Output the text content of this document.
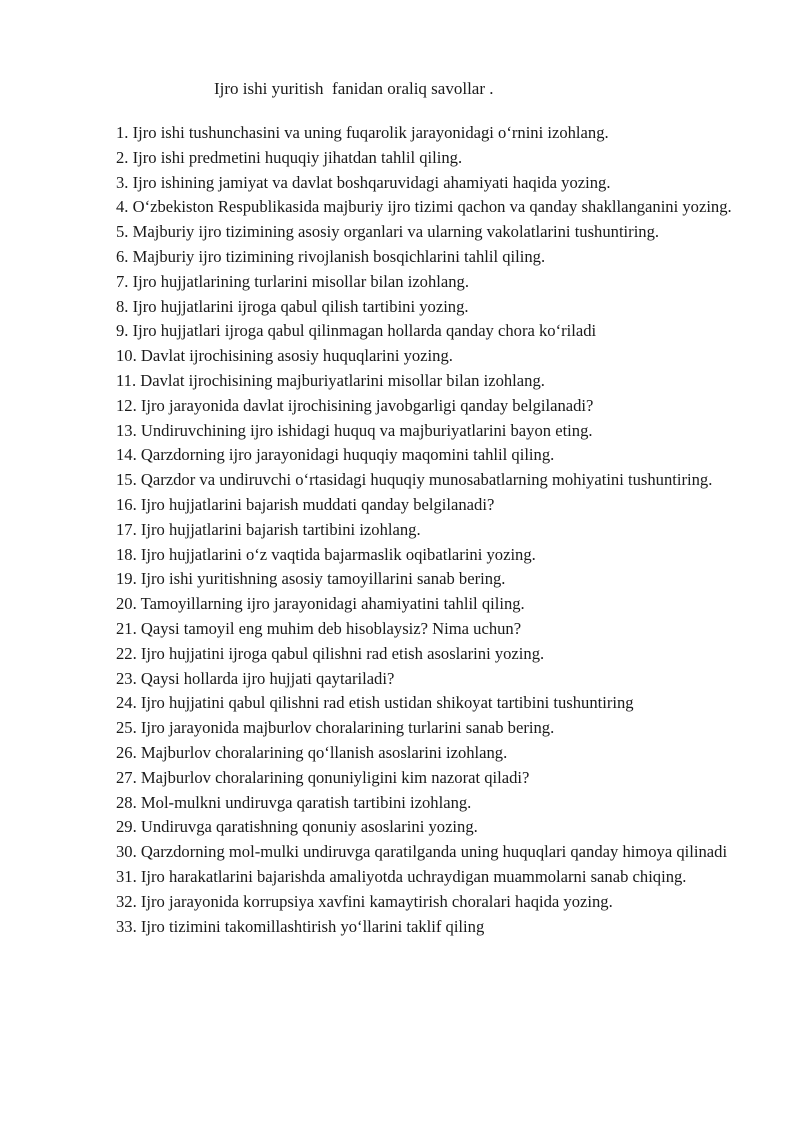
Ijro ishi yuritish  fanidan oraliq savollar .
1. Ijro ishi tushunchasini va uning fuqarolik jarayonidagi o‘rnini izohlang.
2. Ijro ishi predmetini huquqiy jihatdan tahlil qiling.
3. Ijro ishining jamiyat va davlat boshqaruvidagi ahamiyati haqida yozing.
4. O‘zbekiston Respublikasida majburiy ijro tizimi qachon va qanday shakllanganini yozing.
5. Majburiy ijro tizimining asosiy organlari va ularning vakolatlarini tushuntiring.
6. Majburiy ijro tizimining rivojlanish bosqichlarini tahlil qiling.
7. Ijro hujjatlarining turlarini misollar bilan izohlang.
8. Ijro hujjatlarini ijroga qabul qilish tartibini yozing.
9. Ijro hujjatlari ijroga qabul qilinmagan hollarda qanday chora ko‘riladi
10. Davlat ijrochisining asosiy huquqlarini yozing.
11. Davlat ijrochisining majburiyatlarini misollar bilan izohlang.
12. Ijro jarayonida davlat ijrochisining javobgarligi qanday belgilanadi?
13. Undiruvchining ijro ishidagi huquq va majburiyatlarini bayon eting.
14. Qarzdorning ijro jarayonidagi huquqiy maqomini tahlil qiling.
15. Qarzdor va undiruvchi o‘rtasidagi huquqiy munosabatlarning mohiyatini tushuntiring.
16. Ijro hujjatlarini bajarish muddati qanday belgilanadi?
17. Ijro hujjatlarini bajarish tartibini izohlang.
18. Ijro hujjatlarini o‘z vaqtida bajarmaslik oqibatlarini yozing.
19. Ijro ishi yuritishning asosiy tamoyillarini sanab bering.
20. Tamoyillarning ijro jarayonidagi ahamiyatini tahlil qiling.
21. Qaysi tamoyil eng muhim deb hisoblaysiz? Nima uchun?
22. Ijro hujjatini ijroga qabul qilishni rad etish asoslarini yozing.
23. Qaysi hollarda ijro hujjati qaytariladi?
24. Ijro hujjatini qabul qilishni rad etish ustidan shikoyat tartibini tushuntiring
25. Ijro jarayonida majburlov choralarining turlarini sanab bering.
26. Majburlov choralarining qo‘llanish asoslarini izohlang.
27. Majburlov choralarining qonuniyligini kim nazorat qiladi?
28. Mol-mulkni undiruvga qaratish tartibini izohlang.
29. Undiruvga qaratishning qonuniy asoslarini yozing.
30. Qarzdorning mol-mulki undiruvga qaratilganda uning huquqlari qanday himoya qilinadi
31. Ijro harakatlarini bajarishda amaliyotda uchraydigan muammolarni sanab chiqing.
32. Ijro jarayonida korrupsiya xavfini kamaytirish choralari haqida yozing.
33. Ijro tizimini takomillashtirish yo‘llarini taklif qiling
